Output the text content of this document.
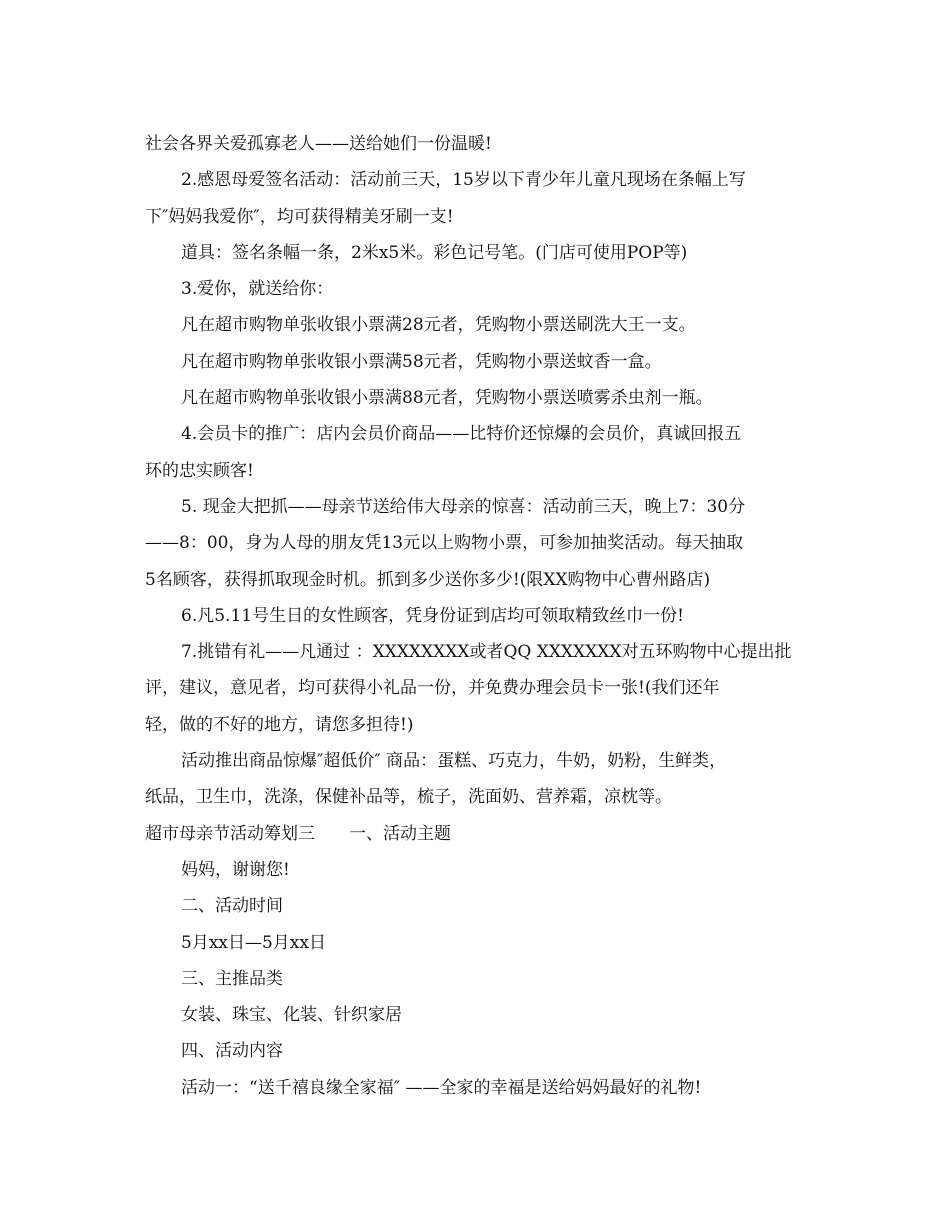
社会各界关爱孤寡老人——送给她们一份温暖!

2.感恩母爱签名活动：活动前三天，15岁以下青少年儿童凡现场在条幅上写

下″妈妈我爱你″，均可获得精美牙刷一支!

道具：签名条幅一条，2米x5米。彩色记号笔。(门店可使用POP等)

3.爱你，就送给你：

凡在超市购物单张收银小票满28元者，凭购物小票送刷洗大王一支。

凡在超市购物单张收银小票满58元者，凭购物小票送蚊香一盒。

凡在超市购物单张收银小票满88元者，凭购物小票送喷雾杀虫剂一瓶。

4.会员卡的推广：店内会员价商品——比特价还惊爆的会员价，真诚回报五

环的忠实顾客!

5. 现金大把抓——母亲节送给伟大母亲的惊喜：活动前三天，晚上7：30分

——8：00，身为人母的朋友凭13元以上购物小票，可参加抽奖活动。每天抽取

5名顾客，获得抓取现金时机。抓到多少送你多少!(限XX购物中心曹州路店)

6.凡5.11号生日的女性顾客，凭身份证到店均可领取精致丝巾一份!

7.挑错有礼——凡通过 ：XXXXXXXX或者QQ XXXXXXX对五环购物中心提出批

评，建议，意见者，均可获得小礼品一份，并免费办理会员卡一张!(我们还年

轻，做的不好的地方，请您多担待!)

活动推出商品惊爆″超低价″ 商品：蛋糕、巧克力，牛奶，奶粉，生鲜类，

纸品，卫生巾，洗涤，保健补品等，梳子，洗面奶、营养霜，凉枕等。

超市母亲节活动筹划三　　一、活动主题

妈妈，谢谢您!

二、活动时间

5月xx日—5月xx日

三、主推品类

女装、珠宝、化装、针织家居

四、活动内容

活动一：“送千禧良缘全家福″ ——全家的幸福是送给妈妈最好的礼物!
